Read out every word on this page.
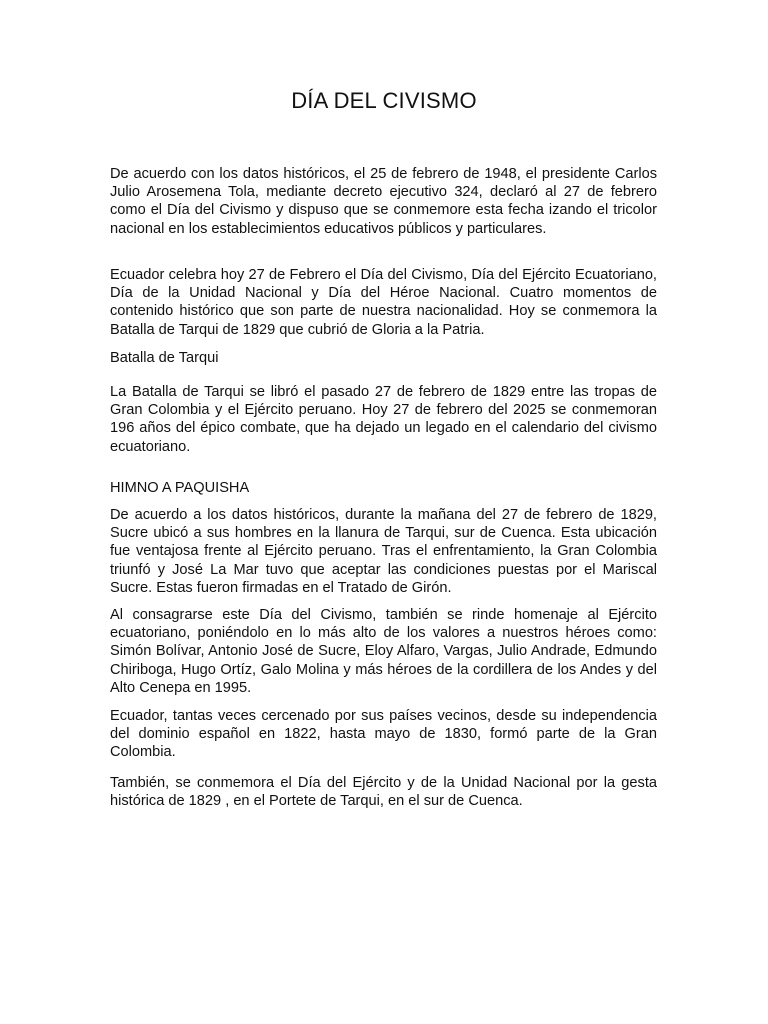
DÍA DEL CIVISMO

De acuerdo con los datos históricos, el 25 de febrero de 1948, el presidente Carlos Julio Arosemena Tola, mediante decreto ejecutivo 324, declaró al 27 de febrero como el Día del Civismo y dispuso que se conmemore esta fecha izando el tricolor nacional en los establecimientos educativos públicos y particulares.

Ecuador celebra hoy 27 de Febrero el Día del Civismo, Día del Ejército Ecuatoriano, Día de la Unidad Nacional y Día del Héroe Nacional. Cuatro momentos de contenido histórico que son parte de nuestra nacionalidad. Hoy se conmemora la Batalla de Tarqui de 1829 que cubrió de Gloria a la Patria.

Batalla de Tarqui

La Batalla de Tarqui se libró el pasado 27 de febrero de 1829 entre las tropas de Gran Colombia y el Ejército peruano. Hoy 27 de febrero del 2025 se conmemoran 196 años del épico combate, que ha dejado un legado en el calendario del civismo ecuatoriano.

HIMNO A PAQUISHA

De acuerdo a los datos históricos, durante la mañana del 27 de febrero de 1829, Sucre ubicó a sus hombres en la llanura de Tarqui, sur de Cuenca. Esta ubicación fue ventajosa frente al Ejército peruano. Tras el enfrentamiento, la Gran Colombia triunfó y José La Mar tuvo que aceptar las condiciones puestas por el Mariscal Sucre. Estas fueron firmadas en el Tratado de Girón.

Al consagrarse este Día del Civismo, también se rinde homenaje al Ejército ecuatoriano, poniéndolo en lo más alto de los valores a nuestros héroes como: Simón Bolívar, Antonio José de Sucre, Eloy Alfaro, Vargas, Julio Andrade, Edmundo Chiriboga, Hugo Ortíz, Galo Molina y más héroes de la cordillera de los Andes y del Alto Cenepa en 1995.

Ecuador, tantas veces cercenado por sus países vecinos, desde su independencia del dominio español en 1822, hasta mayo de 1830, formó parte de la Gran Colombia.

También, se conmemora el Día del Ejército y de la Unidad Nacional por la gesta histórica de 1829 , en el Portete de Tarqui, en el sur de Cuenca.
